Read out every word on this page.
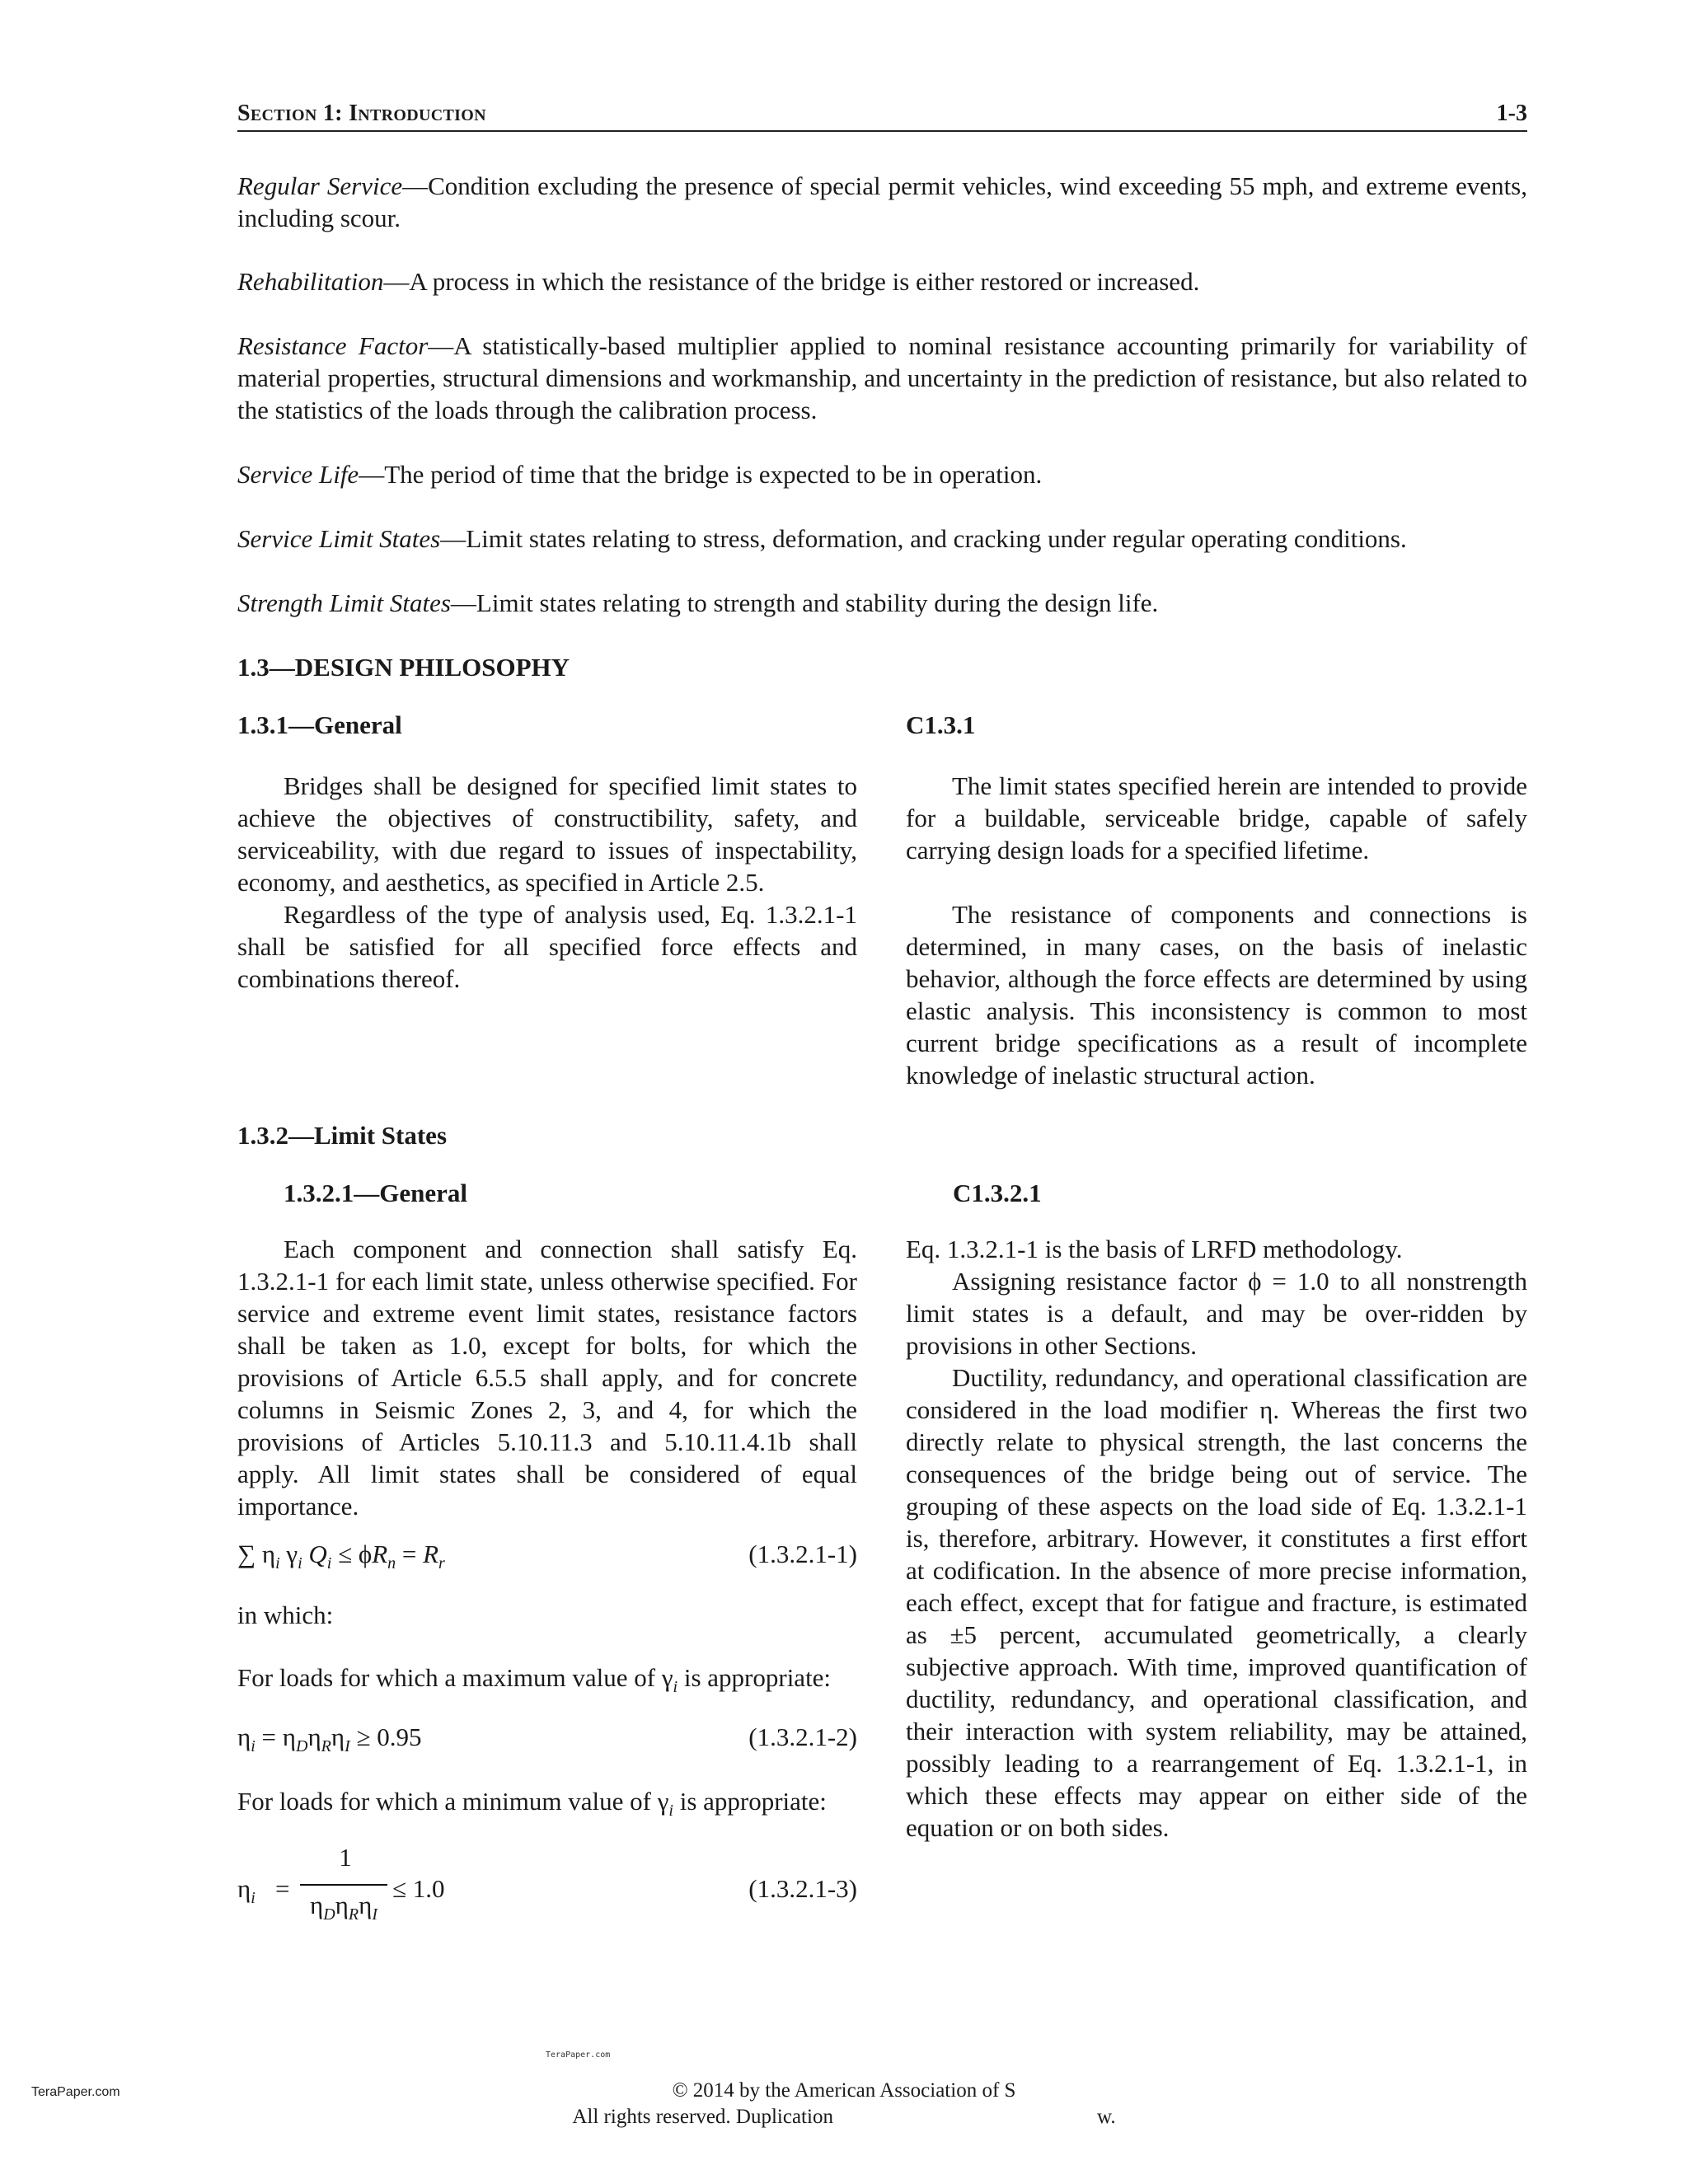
Section 1: Introduction	1-3

Regular Service—Condition excluding the presence of special permit vehicles, wind exceeding 55 mph, and extreme events, including scour.

Rehabilitation—A process in which the resistance of the bridge is either restored or increased.

Resistance Factor—A statistically-based multiplier applied to nominal resistance accounting primarily for variability of material properties, structural dimensions and workmanship, and uncertainty in the prediction of resistance, but also related to the statistics of the loads through the calibration process.

Service Life—The period of time that the bridge is expected to be in operation.

Service Limit States—Limit states relating to stress, deformation, and cracking under regular operating conditions.

Strength Limit States—Limit states relating to strength and stability during the design life.

1.3—DESIGN PHILOSOPHY

1.3.1—General	C1.3.1

Bridges shall be designed for specified limit states to achieve the objectives of constructibility, safety, and serviceability, with due regard to issues of inspectability, economy, and aesthetics, as specified in Article 2.5.

Regardless of the type of analysis used, Eq. 1.3.2.1-1 shall be satisfied for all specified force effects and combinations thereof.

The limit states specified herein are intended to provide for a buildable, serviceable bridge, capable of safely carrying design loads for a specified lifetime.

The resistance of components and connections is determined, in many cases, on the basis of inelastic behavior, although the force effects are determined by using elastic analysis. This inconsistency is common to most current bridge specifications as a result of incomplete knowledge of inelastic structural action.

1.3.2—Limit States

1.3.2.1—General	C1.3.2.1

Each component and connection shall satisfy Eq. 1.3.2.1-1 for each limit state, unless otherwise specified. For service and extreme event limit states, resistance factors shall be taken as 1.0, except for bolts, for which the provisions of Article 6.5.5 shall apply, and for concrete columns in Seismic Zones 2, 3, and 4, for which the provisions of Articles 5.10.11.3 and 5.10.11.4.1b shall apply. All limit states shall be considered of equal importance.

∑ $\eta_i$ $\gamma_i$ $Q_i \le \phi R_n = R_r$	(1.3.2.1-1)

in which:

For loads for which a maximum value of $\gamma_i$ is appropriate:

$\eta_i = \eta_D\eta_R\eta_I \ge 0.95$	(1.3.2.1-2)

For loads for which a minimum value of $\gamma_i$ is appropriate:

$\eta_i$ =
1
$\eta_D\eta_R\eta_I$
≤ 1.0	(1.3.2.1-3)

Eq. 1.3.2.1-1 is the basis of LRFD methodology.

Assigning resistance factor ϕ = 1.0 to all nonstrength limit states is a default, and may be over-ridden by provisions in other Sections.

Ductility, redundancy, and operational classification are considered in the load modifier η. Whereas the first two directly relate to physical strength, the last concerns the consequences of the bridge being out of service. The grouping of these aspects on the load side of Eq. 1.3.2.1-1 is, therefore, arbitrary. However, it constitutes a first effort at codification. In the absence of more precise information, each effect, except that for fatigue and fracture, is estimated as ±5 percent, accumulated geometrically, a clearly subjective approach. With time, improved quantification of ductility, redundancy, and operational classification, and their interaction with system reliability, may be attained, possibly leading to a rearrangement of Eq. 1.3.2.1-1, in which these effects may appear on either side of the equation or on both sides.

TeraPaper.com
TeraPaper.com	© 2014 by the American Association of S
All rights reserved. Duplication	w.
